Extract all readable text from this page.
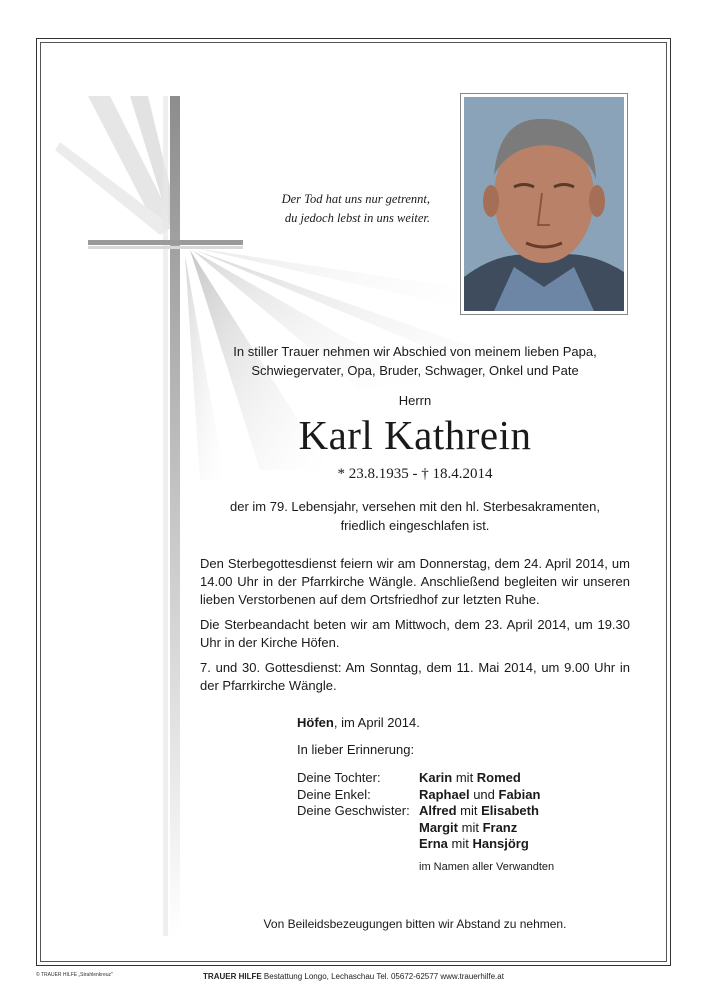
Der Tod hat uns nur getrennt,
du jedoch lebst in uns weiter.
In stiller Trauer nehmen wir Abschied von meinem lieben Papa,
Schwiegervater, Opa, Bruder, Schwager, Onkel und Pate
Herrn
Karl Kathrein
* 23.8.1935 - † 18.4.2014
der im 79. Lebensjahr, versehen mit den hl. Sterbesakramenten,
friedlich eingeschlafen ist.

Den Sterbegottesdienst feiern wir am Donnerstag, dem 24. April 2014, um 14.00 Uhr in der Pfarrkirche Wängle. Anschließend begleiten wir unseren lieben Verstorbenen auf dem Ortsfriedhof zur letzten Ruhe.

Die Sterbeandacht beten wir am Mittwoch, dem 23. April 2014, um 19.30 Uhr in der Kirche Höfen.

7. und 30. Gottesdienst: Am Sonntag, dem 11. Mai 2014, um 9.00 Uhr in der Pfarrkirche Wängle.

Höfen, im April 2014.
In lieber Erinnerung:
Deine Tochter:	Karin mit Romed
Deine Enkel:	Raphael und Fabian
Deine Geschwister: Alfred mit Elisabeth
Margit mit Franz
Erna mit Hansjörg
im Namen aller Verwandten
Von Beileidsbezeugungen bitten wir Abstand zu nehmen.
© TRAUER HILFE „Strahlenkreuz"	TRAUER HILFE Bestattung Longo, Lechaschau Tel. 05672-62577 www.trauerhilfe.at
